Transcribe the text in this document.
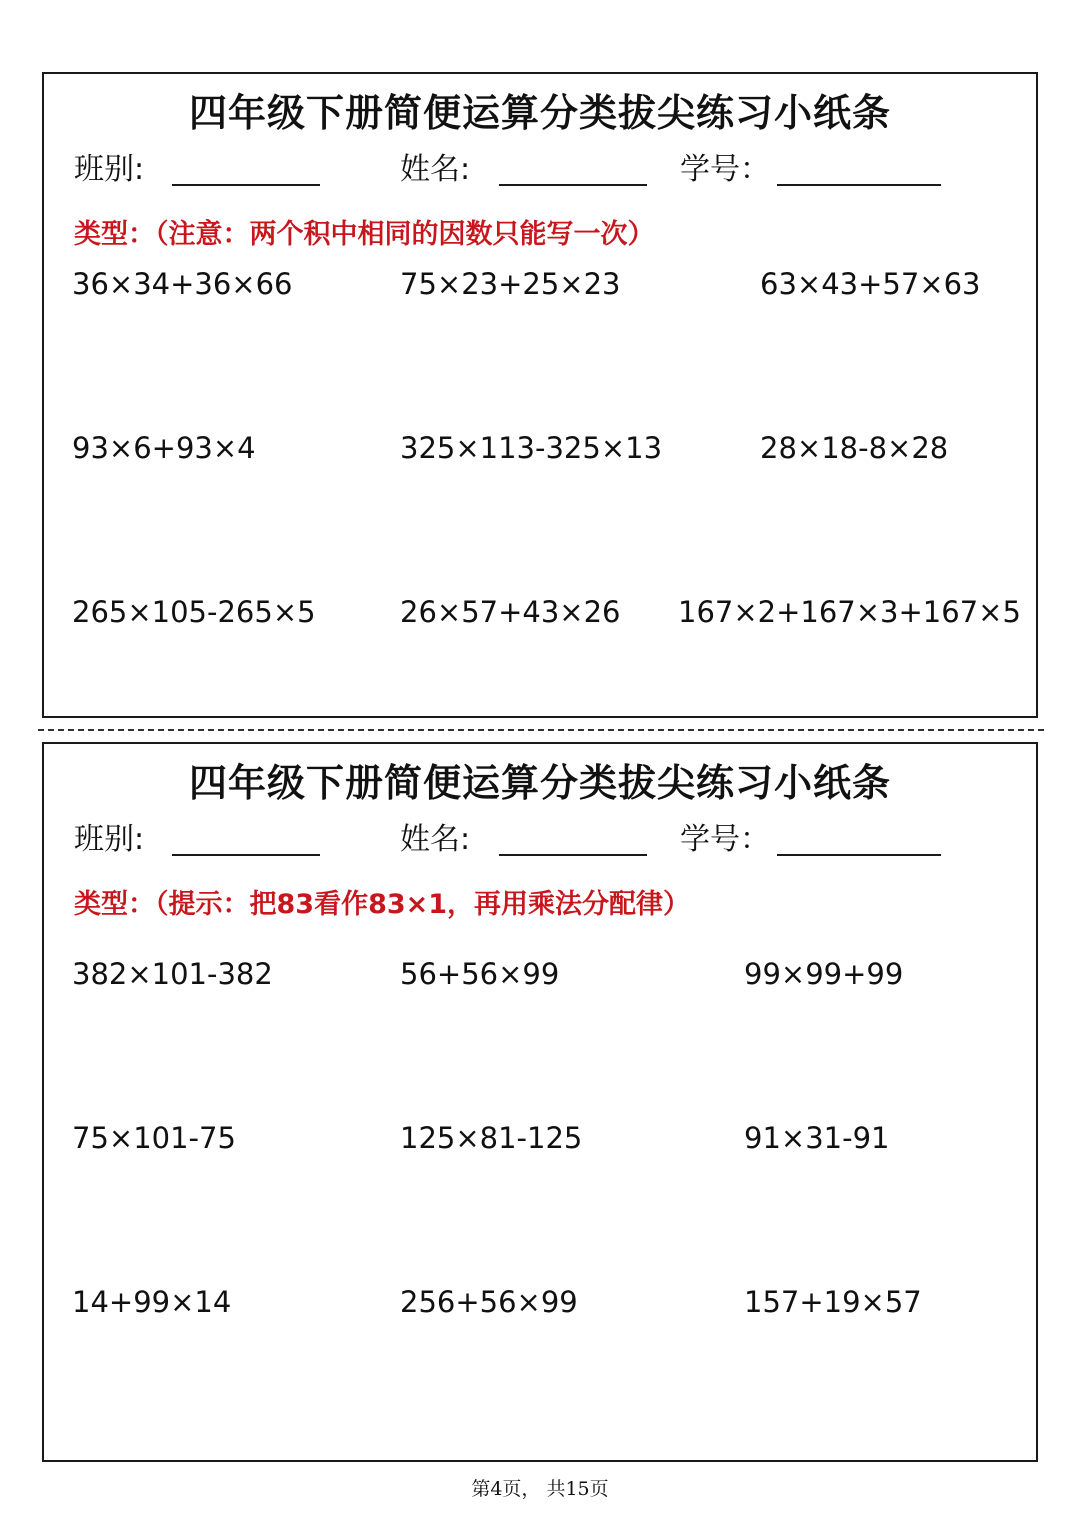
四年级下册简便运算分类拔尖练习小纸条
班别:	姓名:	学号：
类型：（注意：两个积中相同的因数只能写一次）
36×34+36×66	75×23+25×23	63×43+57×63
93×6+93×4	325×113-325×13	28×18-8×28
265×105-265×5	26×57+43×26 167×2+167×3+167×5
四年级下册简便运算分类拔尖练习小纸条
班别:	姓名:	学号：
类型：（提示：把83看作83×1，再用乘法分配律）
382×101-382	56+56×99	99×99+99
75×101-75	125×81-125	91×31-91
14+99×14	256+56×99	157+19×57
第4页， 共15页
